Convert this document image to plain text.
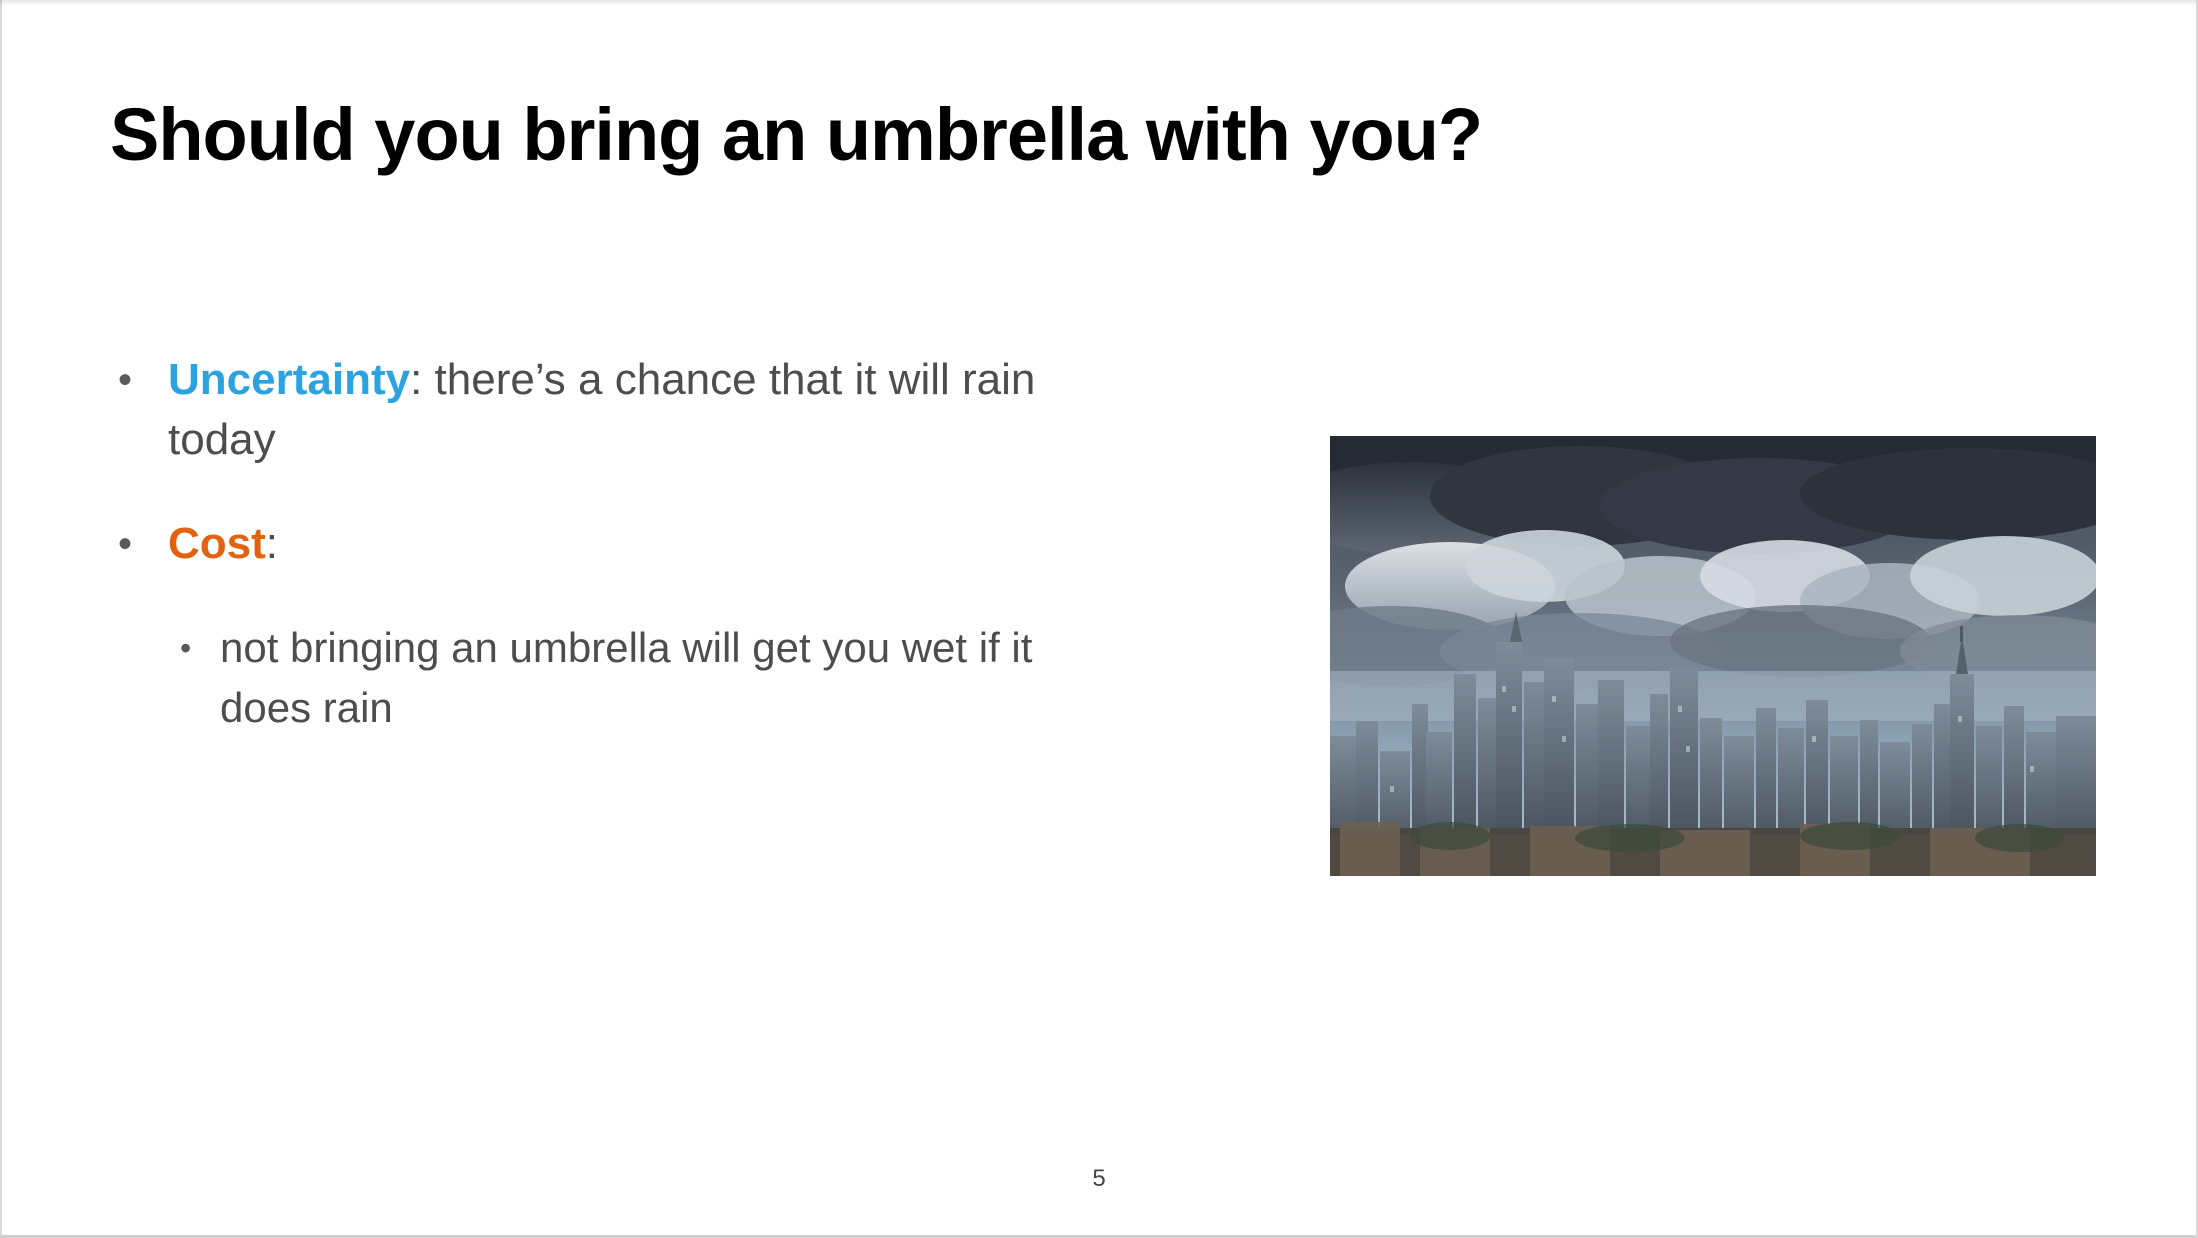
Should you bring an umbrella with you?
• Uncertainty: there’s a chance that it will rain today
• Cost:
• not bringing an umbrella will get you wet if it does rain
5
